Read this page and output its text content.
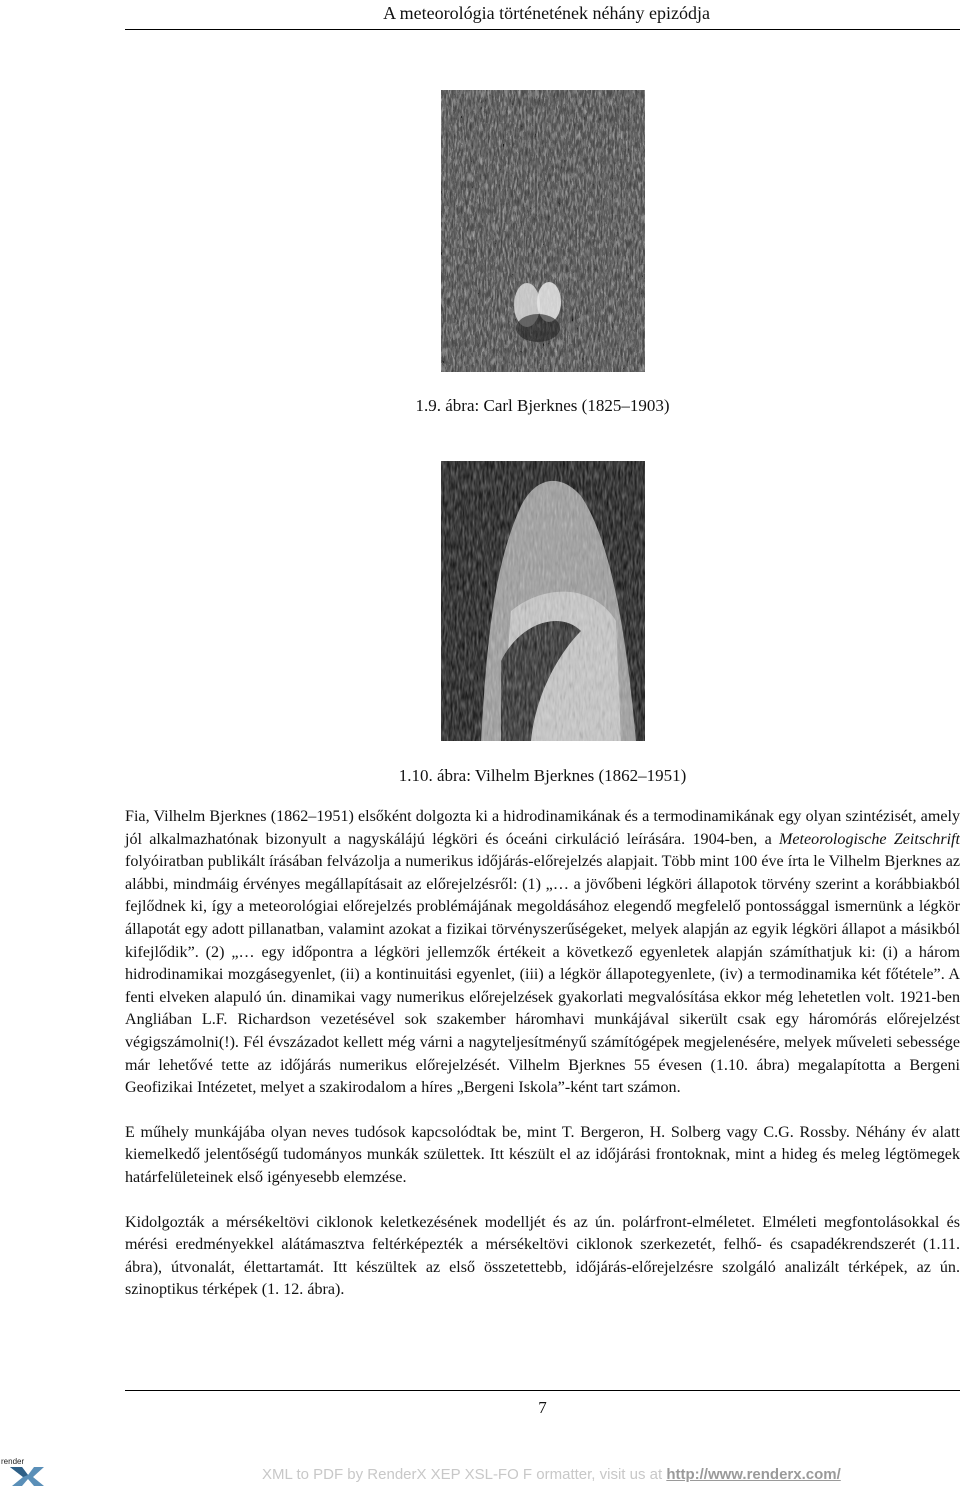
A meteorológia történetének néhány epizódja
1.9. ábra: Carl Bjerknes (1825–1903)
1.10. ábra: Vilhelm Bjerknes (1862–1951)

Fia, Vilhelm Bjerknes (1862–1951) elsőként dolgozta ki a hidrodinamikának és a termodinamikának egy olyan szintézisét, amely jól alkalmazhatónak bizonyult a nagyskálájú légköri és óceáni cirkuláció leírására. 1904-ben, a Meteorologische Zeitschrift folyóiratban publikált írásában felvázolja a numerikus időjárás-előrejelzés alapjait. Több mint 100 éve írta le Vilhelm Bjerknes az alábbi, mindmáig érvényes megállapításait az előrejelzésről: (1) „… a jövőbeni légköri állapotok törvény szerint a korábbiakból fejlődnek ki, így a meteorológiai előrejelzés problémájának megoldásához elegendő megfelelő pontossággal ismernünk a légkör állapotát egy adott pillanatban, valamint azokat a fizikai törvényszerűségeket, melyek alapján az egyik légköri állapot a másikból kifejlődik”. (2) „… egy időpontra a légköri jellemzők értékeit a következő egyenletek alapján számíthatjuk ki: (i) a három hidrodinamikai mozgásegyenlet, (ii) a kontinuitási egyenlet, (iii) a légkör állapotegyenlete, (iv) a termodinamika két főtétele”. A fenti elveken alapuló ún. dinamikai vagy numerikus előrejelzések gyakorlati megvalósítása ekkor még lehetetlen volt. 1921-ben Angliában L.F. Richardson vezetésével sok szakember háromhavi munkájával sikerült csak egy háromórás előrejelzést végigszámolni(!). Fél évszázadot kellett még várni a nagyteljesítményű számítógépek megjelenésére, melyek műveleti sebessége már lehetővé tette az időjárás numerikus előrejelzését. Vilhelm Bjerknes 55 évesen (1.10. ábra) megalapította a Bergeni Geofizikai Intézetet, melyet a szakirodalom a híres „Bergeni Iskola”-ként tart számon.

E műhely munkájába olyan neves tudósok kapcsolódtak be, mint T. Bergeron, H. Solberg vagy C.G. Rossby. Néhány év alatt kiemelkedő jelentőségű tudományos munkák születtek. Itt készült el az időjárási frontoknak, mint a hideg és meleg légtömegek határfelületeinek első igényesebb elemzése.

Kidolgozták a mérsékeltövi ciklonok keletkezésének modelljét és az ún. polárfront-elméletet. Elméleti megfontolásokkal és mérési eredményekkel alátámasztva feltérképezték a mérsékeltövi ciklonok szerkezetét, felhő- és csapadékrendszerét (1.11. ábra), útvonalát, élettartamát. Itt készültek az első összetettebb, időjárás-előrejelzésre szolgáló analizált térképek, az ún. szinoptikus térképek (1. 12. ábra).

7
render
XML to PDF by RenderX XEP XSL-FO F ormatter, visit us at http://www.renderx.com/
